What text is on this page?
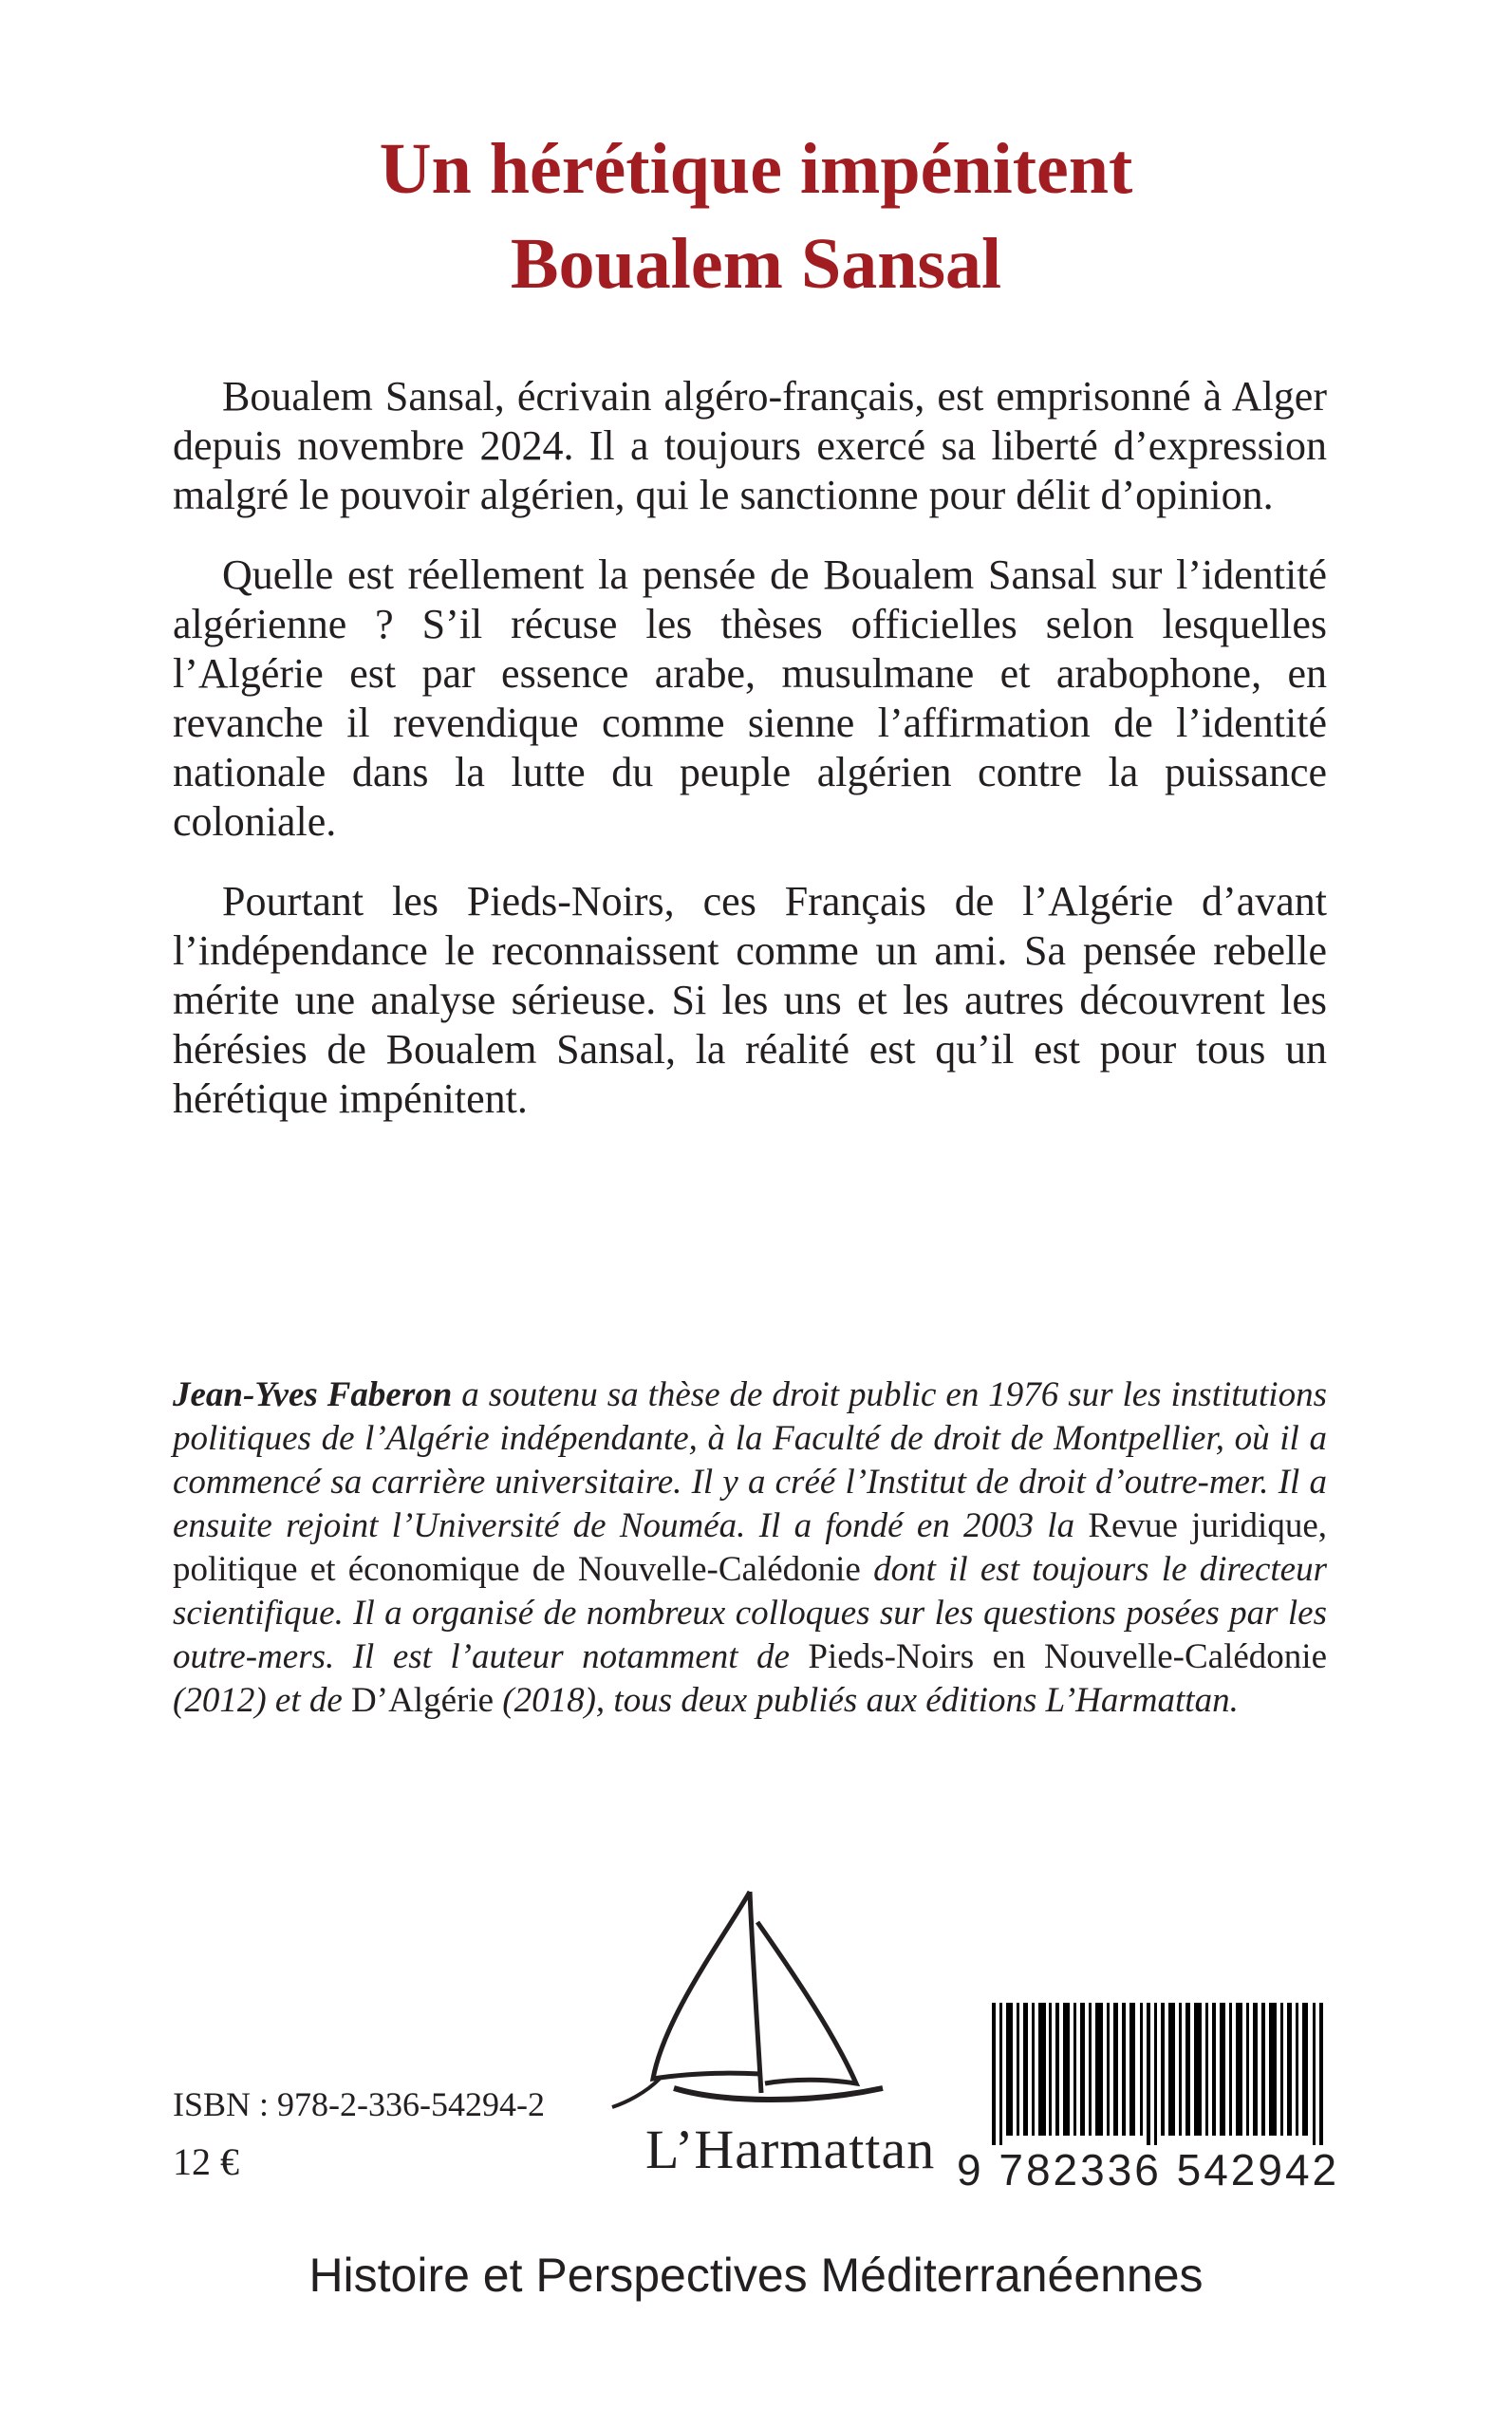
Un hérétique impénitent
Boualem Sansal

Boualem Sansal, écrivain algéro-français, est emprisonné à Alger depuis novembre 2024. Il a toujours exercé sa liberté d’expression malgré le pouvoir algérien, qui le sanctionne pour délit d’opinion.

Quelle est réellement la pensée de Boualem Sansal sur l’identité algérienne ? S’il récuse les thèses officielles selon lesquelles l’Algérie est par essence arabe, musulmane et arabophone, en revanche il revendique comme sienne l’affirmation de l’identité nationale dans la lutte du peuple algérien contre la puissance coloniale.

Pourtant les Pieds-Noirs, ces Français de l’Algérie d’avant l’indépendance le reconnaissent comme un ami. Sa pensée rebelle mérite une analyse sérieuse. Si les uns et les autres découvrent les hérésies de Boualem Sansal, la réalité est qu’il est pour tous un hérétique impénitent.

Jean-Yves Faberon a soutenu sa thèse de droit public en 1976 sur les institutions politiques de l’Algérie indépendante, à la Faculté de droit de Montpellier, où il a commencé sa carrière universitaire. Il y a créé l’Institut de droit d’outre-mer. Il a ensuite rejoint l’Université de Nouméa. Il a fondé en 2003 la Revue juridique, politique et économique de Nouvelle-Calédonie dont il est toujours le directeur scientifique. Il a organisé de nombreux colloques sur les questions posées par les outre-mers. Il est l’auteur notamment de Pieds-Noirs en Nouvelle-Calédonie (2012) et de D’Algérie (2018), tous deux publiés aux éditions L’Harmattan.
ISBN : 978-2-336-54294-2
12 €	L’Harmattan 9 782336 542942
Histoire et Perspectives Méditerranéennes
